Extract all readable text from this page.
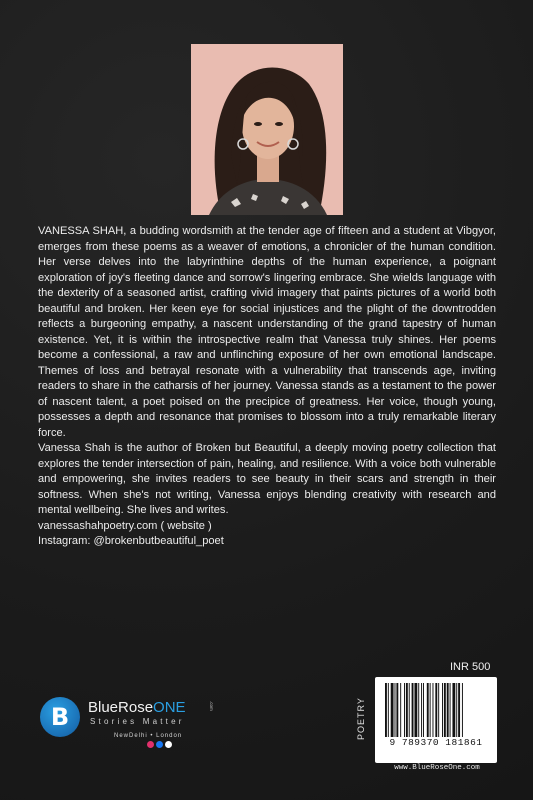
VANESSA SHAH, a budding wordsmith at the tender age of fifteen and a student at Vibgyor, emerges from these poems as a weaver of emotions, a chronicler of the human condition. Her verse delves into the labyrinthine depths of the human experience, a poignant exploration of joy's fleeting dance and sorrow's lingering embrace. She wields language with the dexterity of a seasoned artist, crafting vivid imagery that paints pictures of a world both beautiful and broken. Her keen eye for social injustices and the plight of the downtrodden reflects a burgeoning empathy, a nascent understanding of the grand tapestry of human existence. Yet, it is within the introspective realm that Vanessa truly shines. Her poems become a confessional, a raw and unflinching exposure of her own emotional landscape. Themes of loss and betrayal resonate with a vulnerability that transcends age, inviting readers to share in the catharsis of her journey. Vanessa stands as a testament to the power of nascent talent, a poet poised on the precipice of greatness. Her voice, though young, possesses a depth and resonance that promises to blossom into a truly remarkable literary force.

Vanessa Shah is the author of Broken but Beautiful, a deeply moving poetry collection that explores the tender intersection of pain, healing, and resilience. With a voice both vulnerable and empowering, she invites readers to see beauty in their scars and strength in their softness. When she's not writing, Vanessa enjoys blending creativity with research and mental wellbeing. She lives and writes.

vanessashahpoetry.com ( website )

Instagram: @brokenbutbeautiful_poet

INR 500
POETRY
9 789370 181861
www.BlueRoseOne.com
B BlueRoseONE	.com
Stories Matter
NewDelhi • London
